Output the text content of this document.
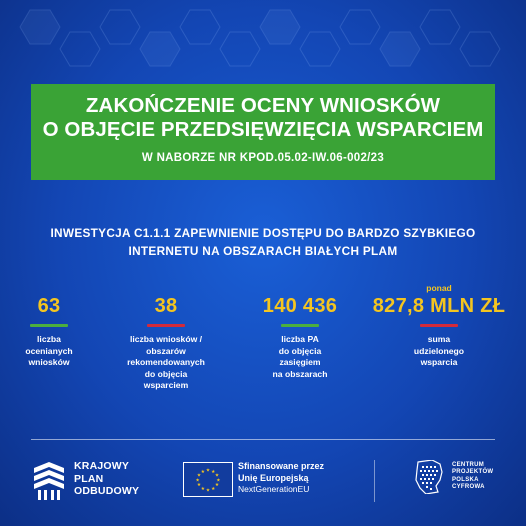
ZAKOŃCZENIE OCENY WNIOSKÓW
O OBJĘCIE PRZEDSIĘWZIĘCIA WSPARCIEM
W NABORZE NR KPOD.05.02-IW.06-002/23
INWESTYCJA C1.1.1 ZAPEWNIENIE DOSTĘPU DO BARDZO SZYBKIEGO
INTERNETU NA OBSZARACH BIAŁYCH PLAM
63
liczba
ocenianych
wniosków
38
liczba wniosków /
obszarów
rekomendowanych
do objęcia
wsparciem
140 436
liczba PA
do objęcia
zasięgiem
na obszarach
ponad
827,8 MLN ZŁ
suma
udzielonego
wsparcia
KRAJOWY
PLAN
ODBUDOWY
★ ★
★
★
★
★
★
★
★
★
★
★
Sfinansowane przez
Unię Europejską
NextGenerationEU
CENTRUM
PROJEKTÓW
POLSKA
CYFROWA
